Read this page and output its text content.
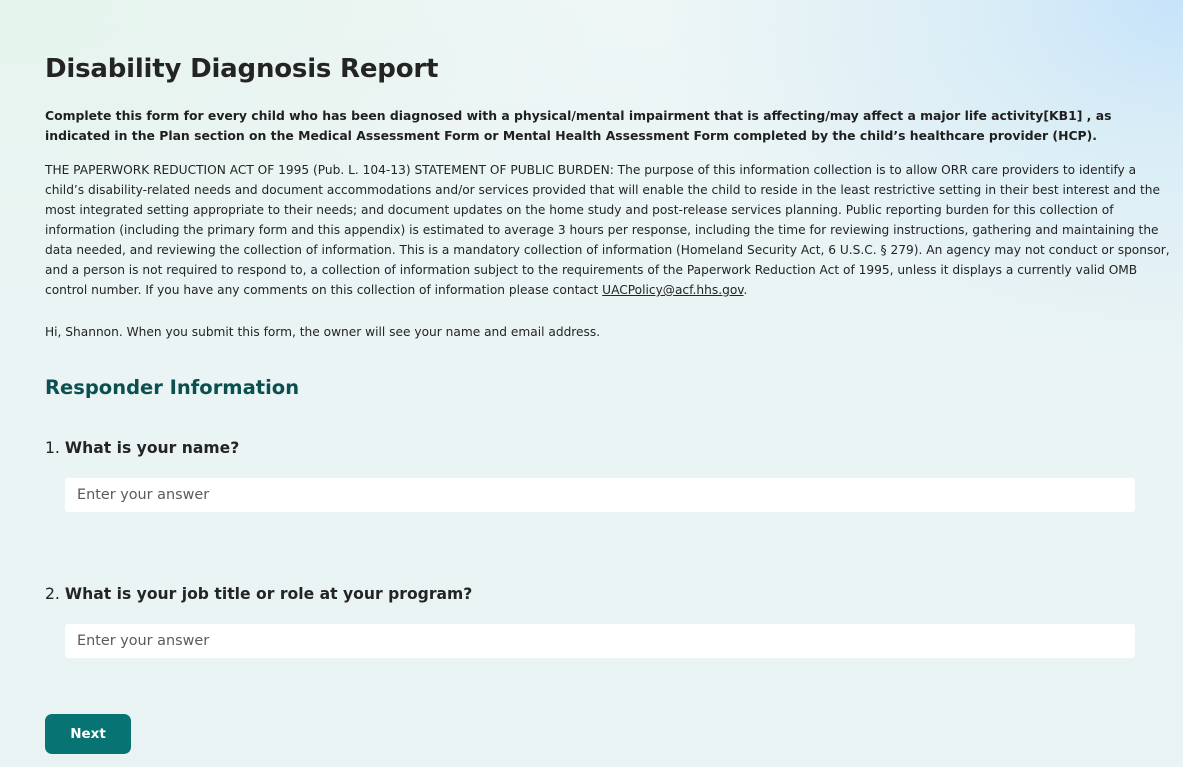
Disability Diagnosis Report
Complete this form for every child who has been diagnosed with a physical/mental impairment that is affecting/may affect a major life activity[KB1] , as indicated in the Plan section on the Medical Assessment Form or Mental Health Assessment Form completed by the child’s healthcare provider (HCP).
THE PAPERWORK REDUCTION ACT OF 1995 (Pub. L. 104-13) STATEMENT OF PUBLIC BURDEN: The purpose of this information collection is to allow ORR care providers to identify a child’s disability-related needs and document accommodations and/or services provided that will enable the child to reside in the least restrictive setting in their best interest and the most integrated setting appropriate to their needs; and document updates on the home study and post-release services planning. Public reporting burden for this collection of information (including the primary form and this appendix) is estimated to average 3 hours per response, including the time for reviewing instructions, gathering and maintaining the data needed, and reviewing the collection of information. This is a mandatory collection of information (Homeland Security Act, 6 U.S.C. § 279). An agency may not conduct or sponsor, and a person is not required to respond to, a collection of information subject to the requirements of the Paperwork Reduction Act of 1995, unless it displays a currently valid OMB control number. If you have any comments on this collection of information please contact UACPolicy@acf.hhs.gov.
Hi, Shannon. When you submit this form, the owner will see your name and email address.
Responder Information
1. What is your name?
Enter your answer
2. What is your job title or role at your program?
Enter your answer
Next
